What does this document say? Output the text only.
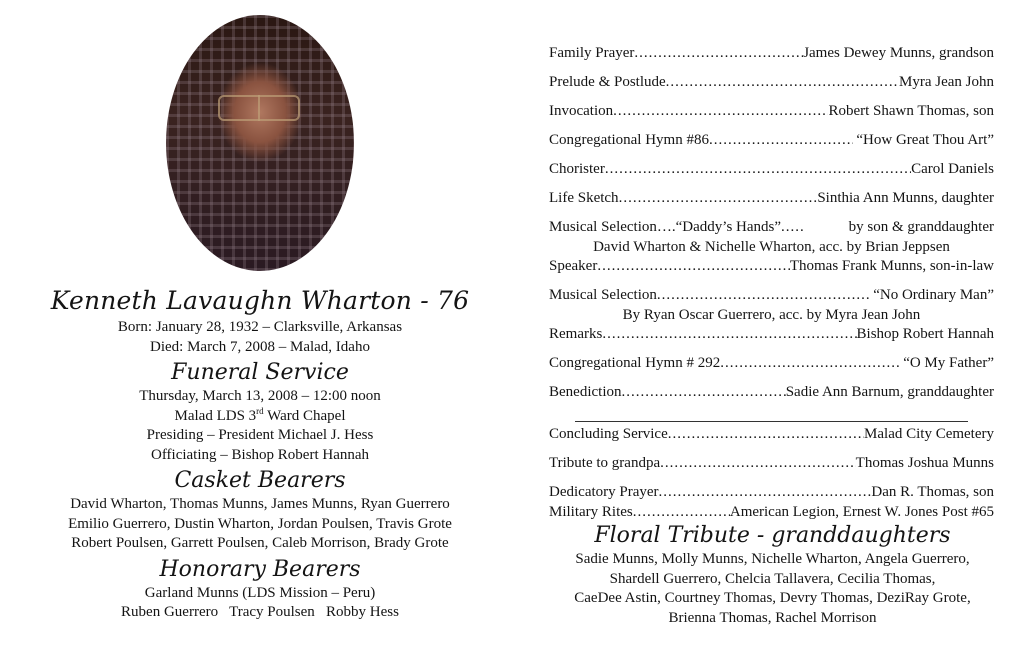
Kenneth Lavaughn Wharton - 76
Born: January 28, 1932 – Clarksville, Arkansas
Died: March 7, 2008 – Malad, Idaho
Funeral Service
Thursday, March 13, 2008 – 12:00 noon
Malad LDS 3rd Ward Chapel
Presiding – President Michael J. Hess
Officiating – Bishop Robert Hannah
Casket Bearers
David Wharton, Thomas Munns, James Munns, Ryan Guerrero
Emilio Guerrero, Dustin Wharton, Jordan Poulsen, Travis Grote
Robert Poulsen, Garrett Poulsen, Caleb Morrison, Brady Grote
Honorary Bearers
Garland Munns (LDS Mission – Peru)
Ruben Guerrero   Tracy Poulsen   Robby Hess
Family Prayer .....	James Dewey Munns, grandson
Prelude & Postlude .....	Myra Jean John
Invocation .....	Robert Shawn Thomas, son
Congregational Hymn #86 .....	“How Great Thou Art”
Chorister .....	Carol Daniels
Life Sketch .....	Sinthia Ann Munns, daughter
Musical Selection….“Daddy’s Hands” .....	by son & granddaughter
David Wharton & Nichelle Wharton, acc. by Brian Jeppsen
Speaker .....	Thomas Frank Munns, son-in-law
Musical Selection .....	“No Ordinary Man”
By Ryan Oscar Guerrero, acc. by Myra Jean John
Remarks .....	Bishop Robert Hannah
Congregational Hymn # 292 .....	“O My Father”
Benediction .....	Sadie Ann Barnum, granddaughter
Concluding Service .....	Malad City Cemetery
Tribute to grandpa .....	Thomas Joshua Munns
Dedicatory Prayer .....	Dan R. Thomas, son
Military Rites .....	American Legion, Ernest W. Jones Post #65
Floral Tribute - granddaughters
Sadie Munns, Molly Munns, Nichelle Wharton, Angela Guerrero,
Shardell Guerrero, Chelcia Tallavera, Cecilia Thomas,
CaeDee Astin, Courtney Thomas, Devry Thomas, DeziRay Grote,
Brienna Thomas, Rachel Morrison
